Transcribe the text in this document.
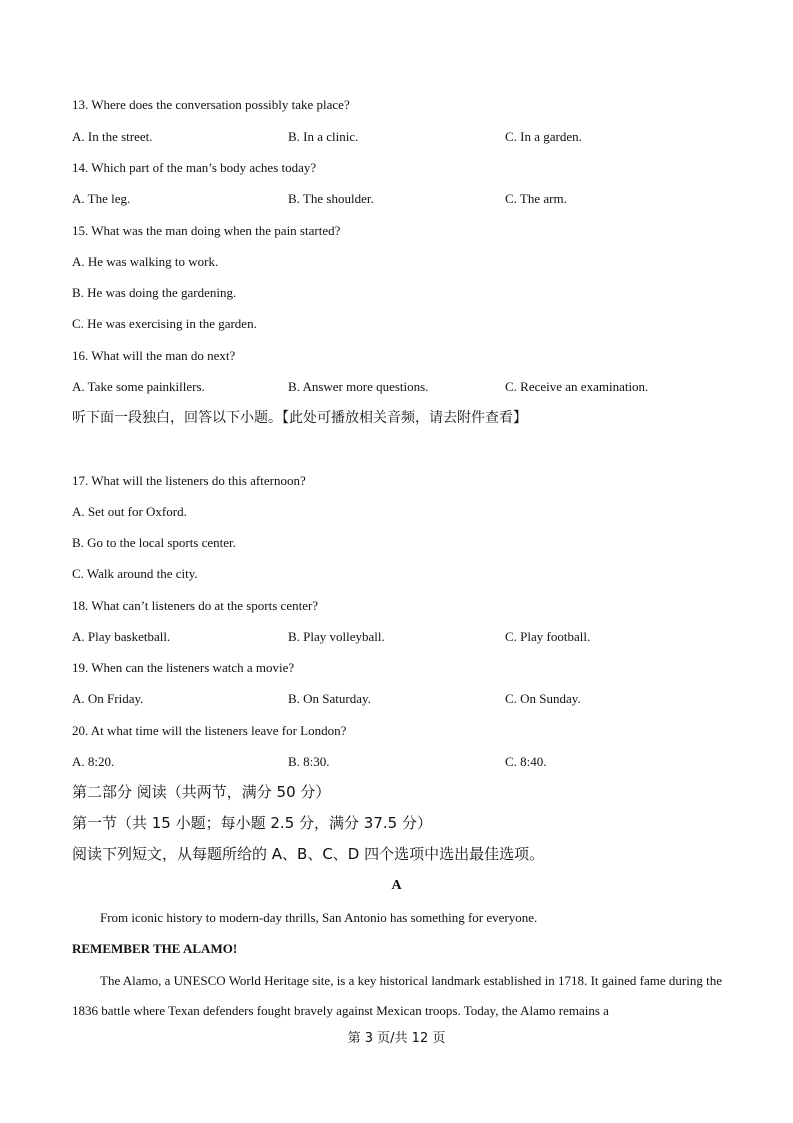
13. Where does the conversation possibly take place?
A. In the street.	B. In a clinic.	C. In a garden.
14. Which part of the man’s body aches today?
A. The leg.	B. The shoulder.	C. The arm.
15. What was the man doing when the pain started?
A. He was walking to work.
B. He was doing the gardening.
C. He was exercising in the garden.
16. What will the man do next?
A. Take some painkillers.	B. Answer more questions.	C. Receive an examination.
听下面一段独白，回答以下小题。【此处可播放相关音频，请去附件查看】
17. What will the listeners do this afternoon?
A. Set out for Oxford.
B. Go to the local sports center.
C. Walk around the city.
18. What can’t listeners do at the sports center?
A. Play basketball.	B. Play volleyball.	C. Play football.
19. When can the listeners watch a movie?
A. On Friday.	B. On Saturday.	C. On Sunday.
20. At what time will the listeners leave for London?
A. 8:20.	B. 8:30.	C. 8:40.
第二部分 阅读（共两节，满分 50 分）
第一节（共 15 小题；每小题 2.5 分，满分 37.5 分）
阅读下列短文，从每题所给的 A、B、C、D 四个选项中选出最佳选项。
A
From iconic history to modern-day thrills, San Antonio has something for everyone.
REMEMBER THE ALAMO!
The Alamo, a UNESCO World Heritage site, is a key historical landmark established in 1718. It gained fame during the 1836 battle where Texan defenders fought bravely against Mexican troops. Today, the Alamo remains a
第 3 页/共 12 页
